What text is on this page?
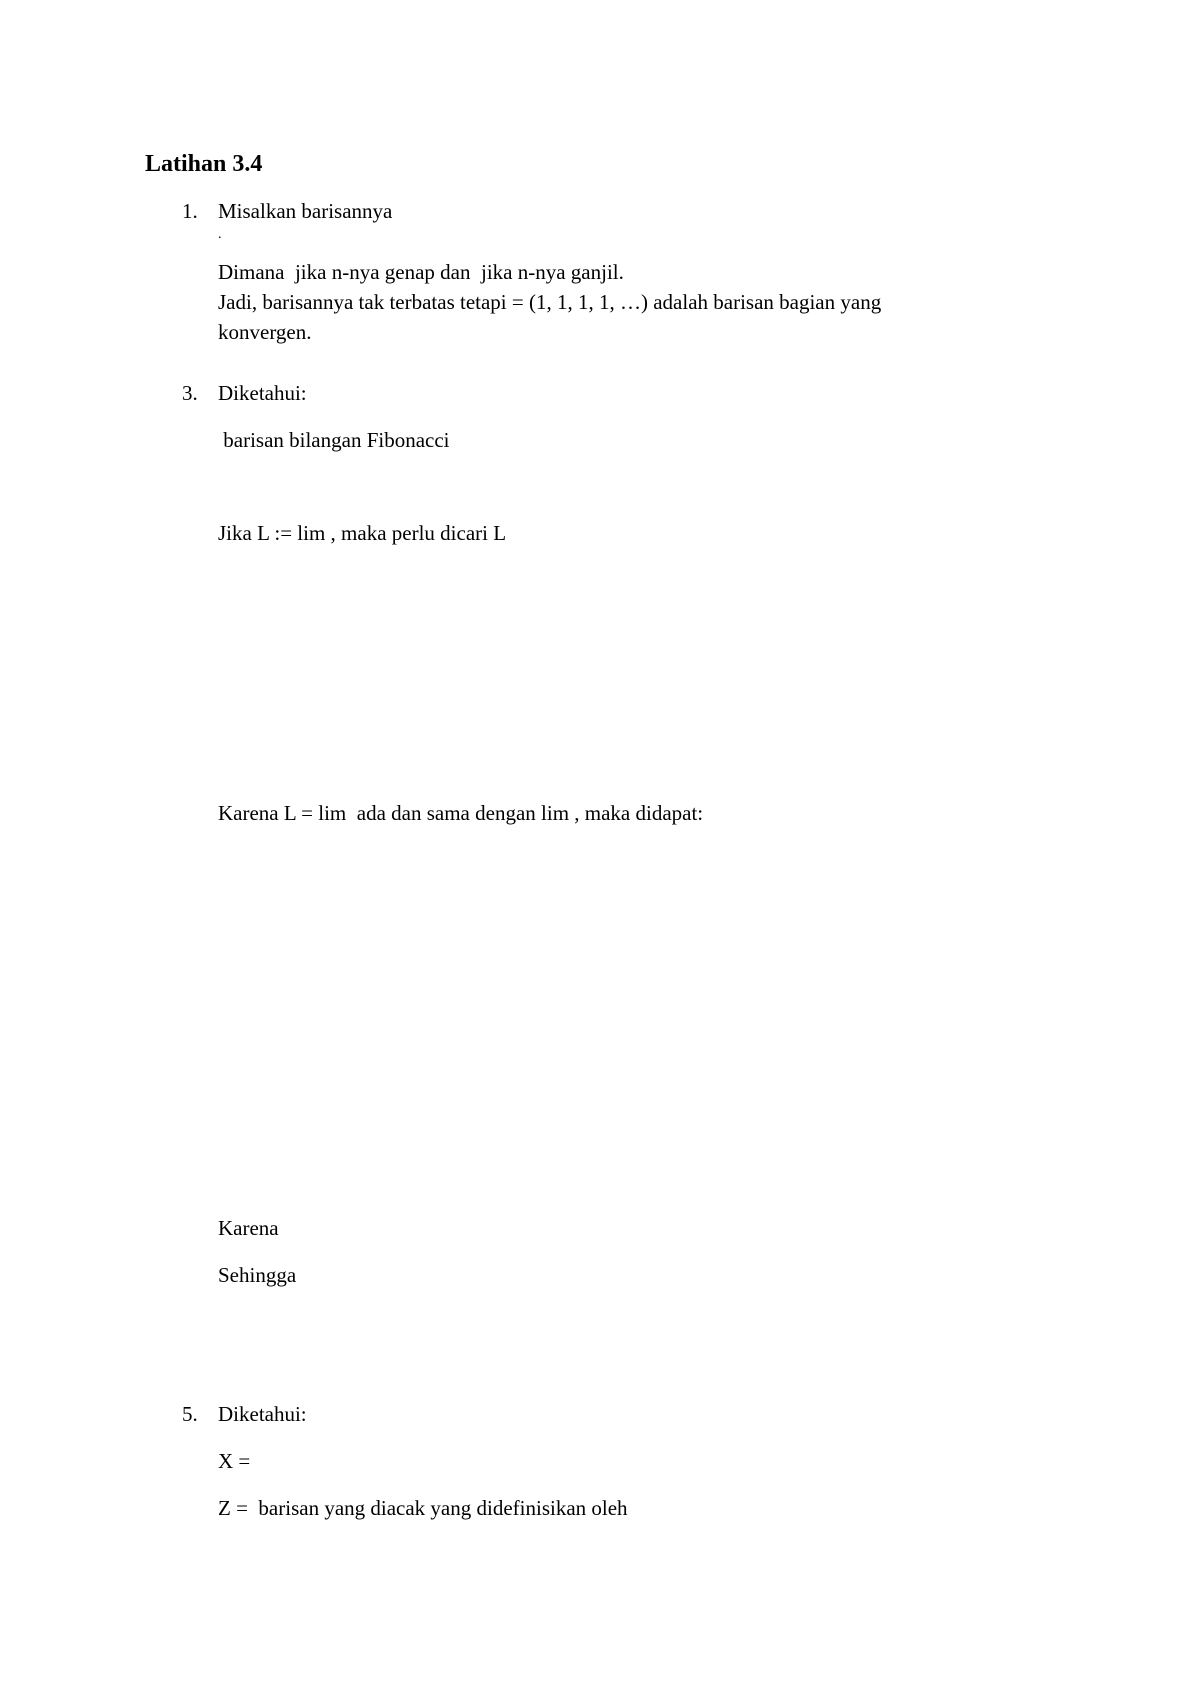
Latihan 3.4
1. Misalkan barisannya
.
Dimana  jika n-nya genap dan  jika n-nya ganjil.
Jadi, barisannya tak terbatas tetapi = (1, 1, 1, 1, …) adalah barisan bagian yang
konvergen.
3. Diketahui:
barisan bilangan Fibonacci
Jika L := lim , maka perlu dicari L
Karena L = lim  ada dan sama dengan lim , maka didapat:
Karena
Sehingga
5. Diketahui:
X =
Z =  barisan yang diacak yang didefinisikan oleh
